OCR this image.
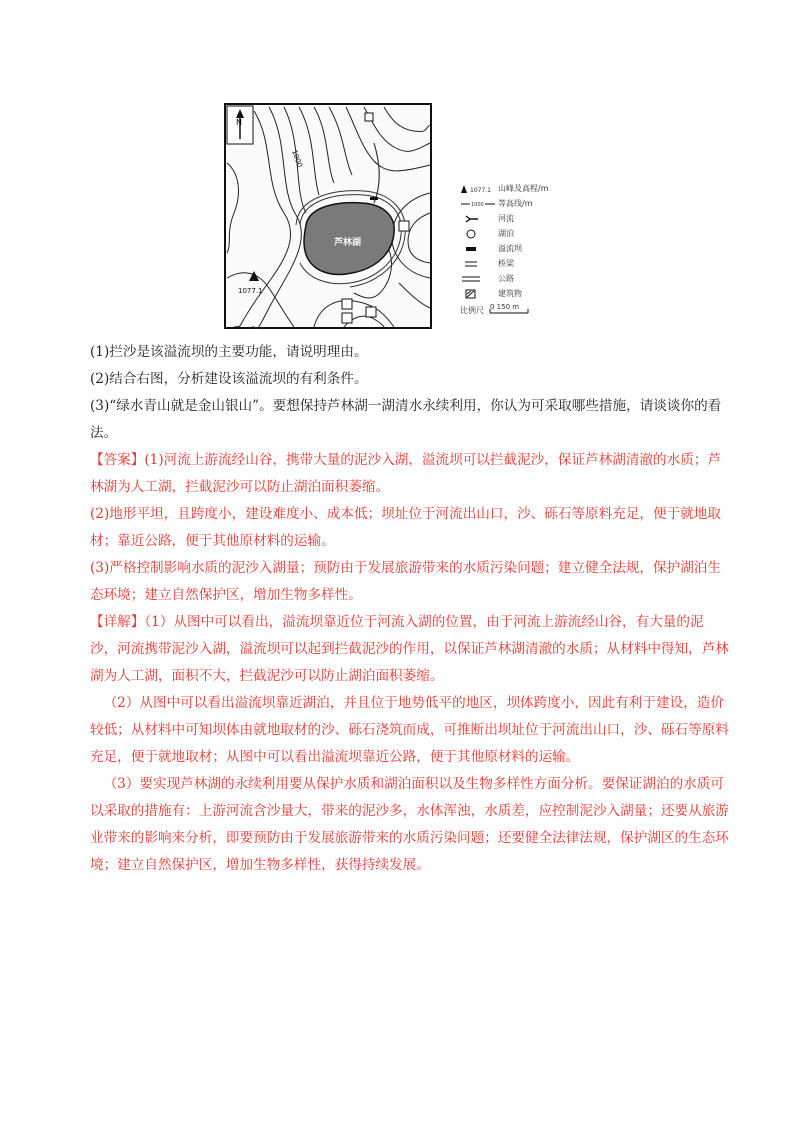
N
芦林湖
1077.1
1000
1077.1 山峰及高程/m
1000 等高线/m
河流
湖泊
溢流坝
桥梁
公路
建筑物
比例尺 0 150 m

(1)拦沙是该溢流坝的主要功能，请说明理由。

(2)结合右图，分析建设该溢流坝的有利条件。

(3)“绿水青山就是金山银山”。要想保持芦林湖一湖清水永续利用，你认为可采取哪些措施，请谈谈你的看法。

【答案】(1)河流上游流经山谷，携带大量的泥沙入湖，溢流坝可以拦截泥沙，保证芦林湖清澈的水质；芦林湖为人工湖，拦截泥沙可以防止湖泊面积萎缩。

(2)地形平坦，且跨度小，建设难度小、成本低；坝址位于河流出山口，沙、砾石等原料充足，便于就地取材；靠近公路，便于其他原材料的运输。

(3)严格控制影响水质的泥沙入湖量；预防由于发展旅游带来的水质污染问题；建立健全法规，保护湖泊生态环境；建立自然保护区，增加生物多样性。

【详解】（1）从图中可以看出，溢流坝靠近位于河流入湖的位置，由于河流上游流经山谷，有大量的泥沙，河流携带泥沙入湖，溢流坝可以起到拦截泥沙的作用，以保证芦林湖清澈的水质；从材料中得知，芦林湖为人工湖，面积不大，拦截泥沙可以防止湖泊面积萎缩。

（2）从图中可以看出溢流坝靠近湖泊，并且位于地势低平的地区，坝体跨度小，因此有利于建设，造价较低；从材料中可知坝体由就地取材的沙、砾石浇筑而成，可推断出坝址位于河流出山口，沙、砾石等原料充足，便于就地取材；从图中可以看出溢流坝靠近公路，便于其他原材料的运输。

（3）要实现芦林湖的永续利用要从保护水质和湖泊面积以及生物多样性方面分析。要保证湖泊的水质可以采取的措施有：上游河流含沙量大，带来的泥沙多，水体浑浊，水质差，应控制泥沙入湖量；还要从旅游业带来的影响来分析，即要预防由于发展旅游带来的水质污染问题；还要健全法律法规，保护湖区的生态环境；建立自然保护区，增加生物多样性，获得持续发展。
